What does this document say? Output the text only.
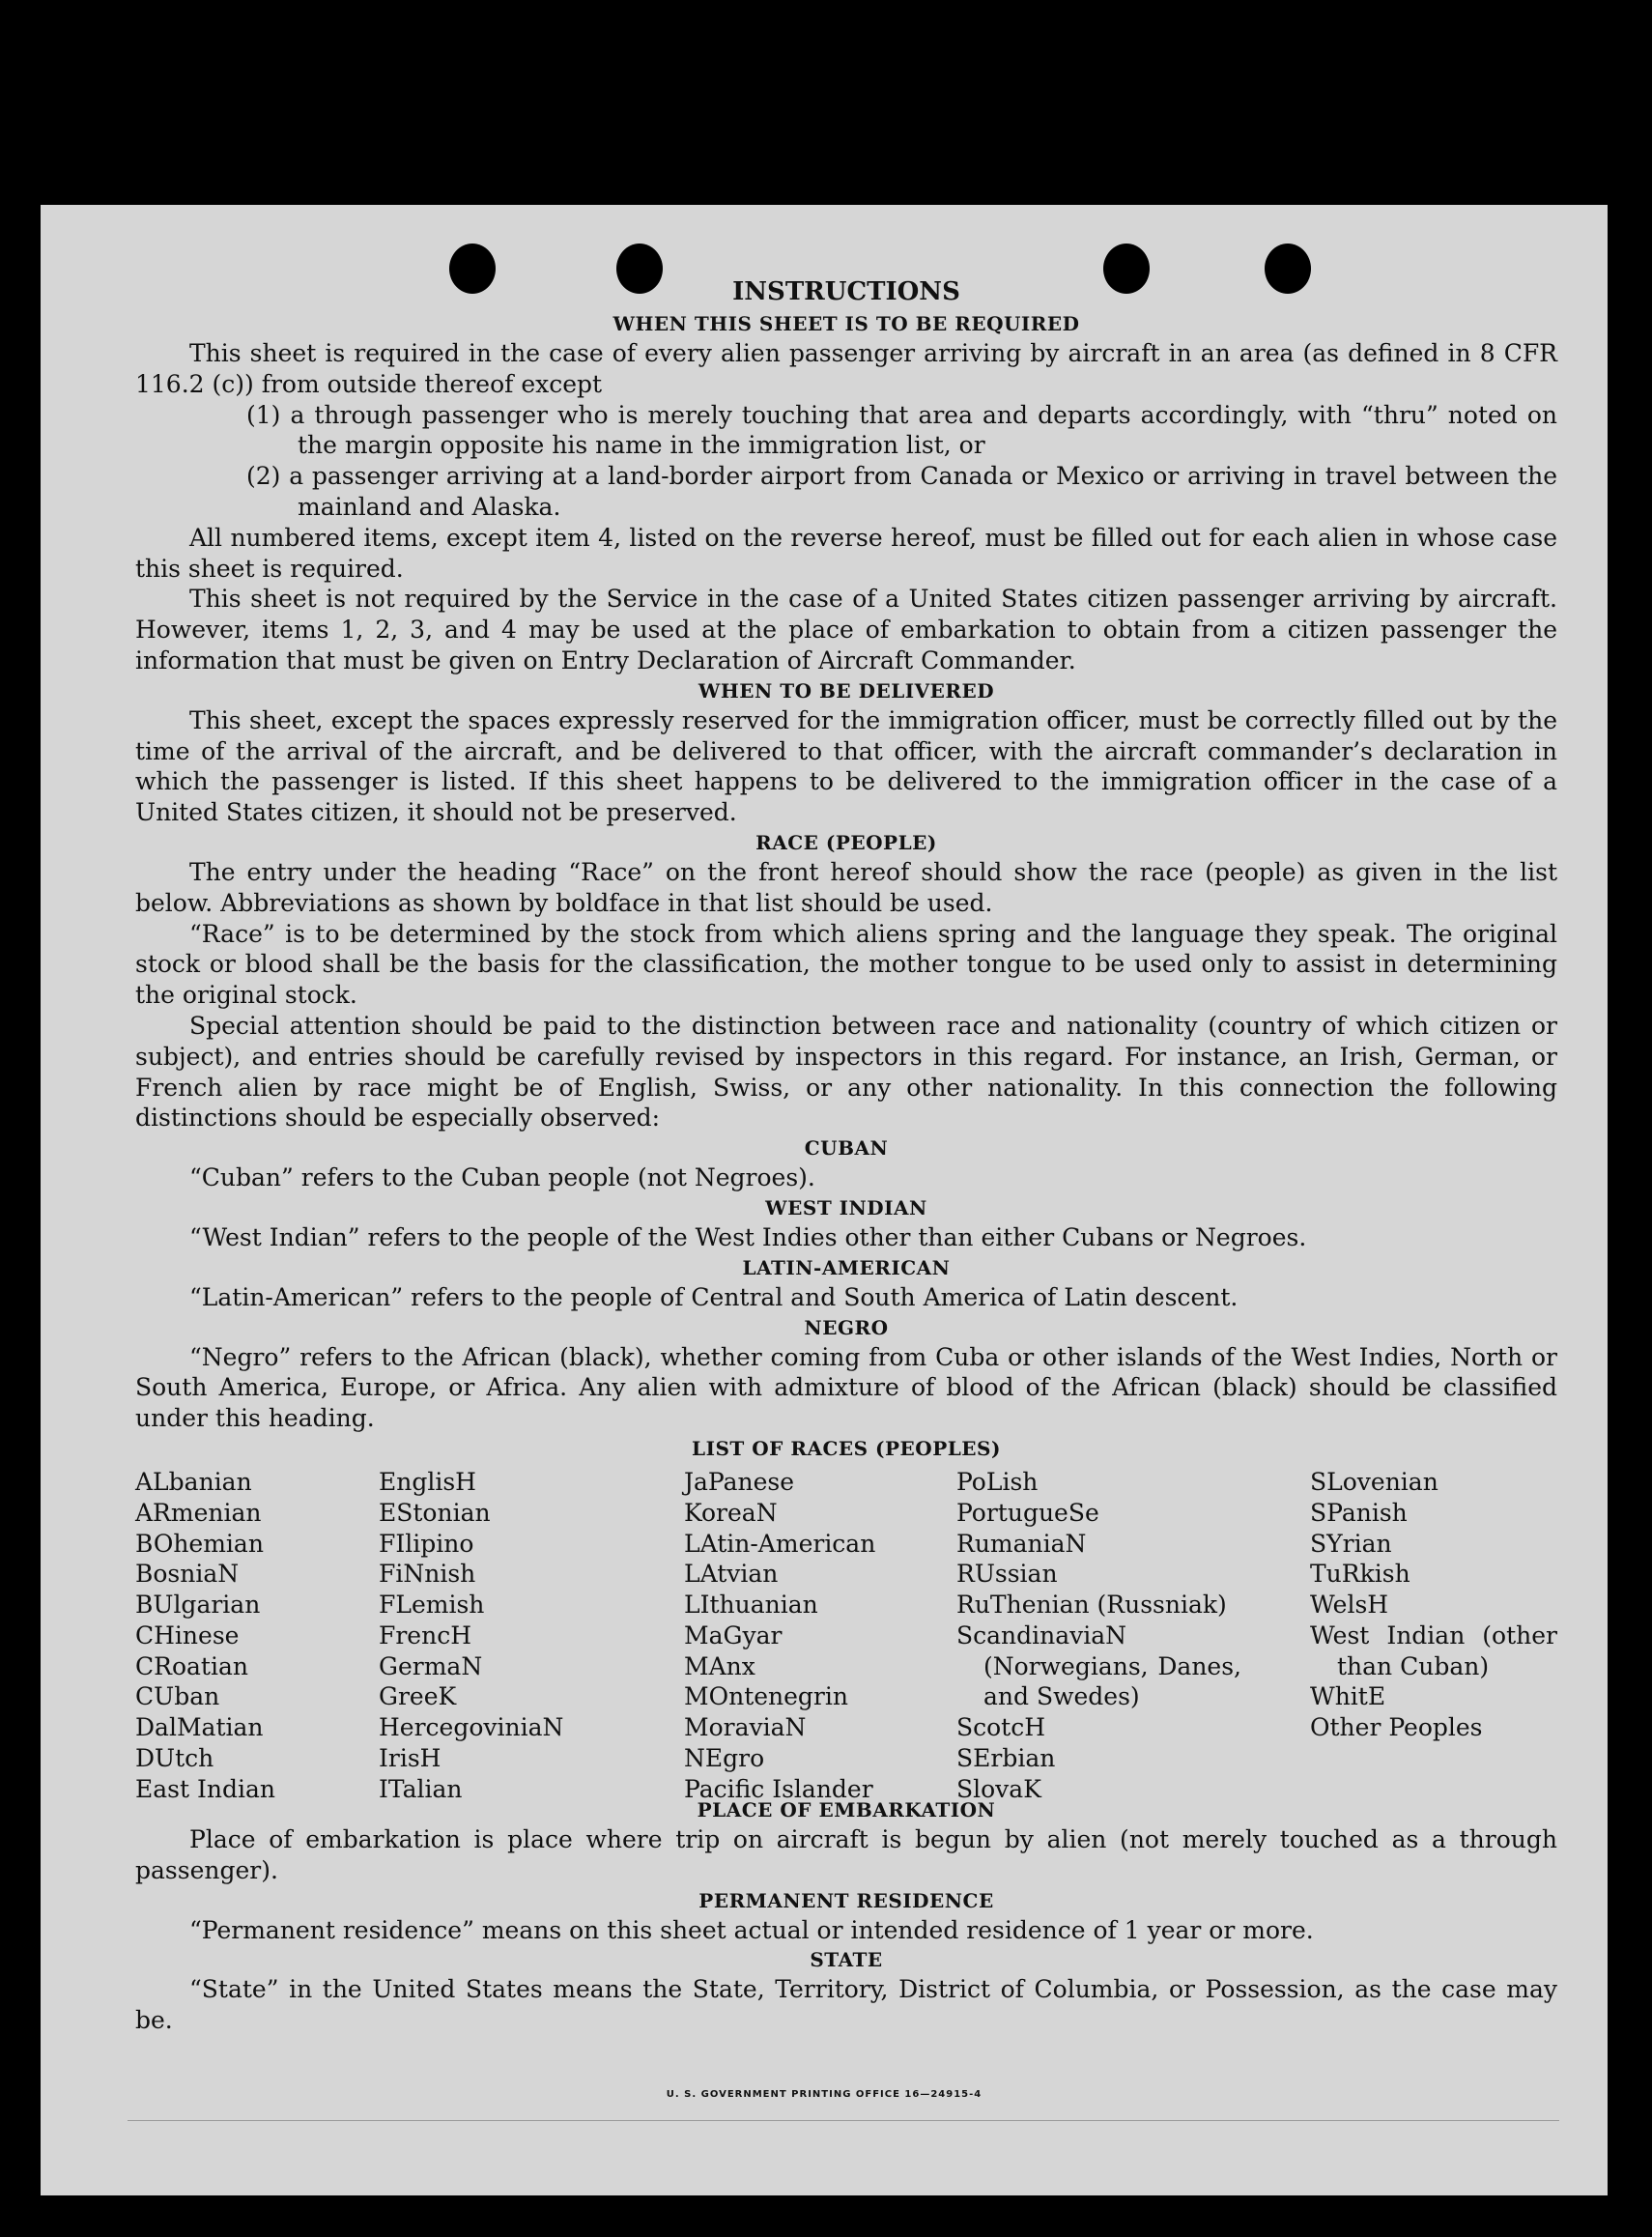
INSTRUCTIONS
WHEN THIS SHEET IS TO BE REQUIRED
This sheet is required in the case of every alien passenger arriving by aircraft in an area (as defined in 8 CFR 116.2 (c)) from outside thereof except
(1) a through passenger who is merely touching that area and departs accordingly, with “thru” noted on the margin opposite his name in the immigration list, or
(2) a passenger arriving at a land-border airport from Canada or Mexico or arriving in travel between the mainland and Alaska.
All numbered items, except item 4, listed on the reverse hereof, must be filled out for each alien in whose case this sheet is required.
This sheet is not required by the Service in the case of a United States citizen passenger arriving by aircraft. However, items 1, 2, 3, and 4 may be used at the place of embarkation to obtain from a citizen passenger the information that must be given on Entry Declaration of Aircraft Commander.
WHEN TO BE DELIVERED
This sheet, except the spaces expressly reserved for the immigration officer, must be correctly filled out by the time of the arrival of the aircraft, and be delivered to that officer, with the aircraft commander’s declaration in which the passenger is listed. If this sheet happens to be delivered to the immigration officer in the case of a United States citizen, it should not be preserved.
RACE (PEOPLE)
The entry under the heading “Race” on the front hereof should show the race (people) as given in the list below. Abbreviations as shown by boldface in that list should be used.
“Race” is to be determined by the stock from which aliens spring and the language they speak. The original stock or blood shall be the basis for the classification, the mother tongue to be used only to assist in determining the original stock.
Special attention should be paid to the distinction between race and nationality (country of which citizen or subject), and entries should be carefully revised by inspectors in this regard. For instance, an Irish, German, or French alien by race might be of English, Swiss, or any other nationality. In this connection the following distinctions should be especially observed:
CUBAN
“Cuban” refers to the Cuban people (not Negroes).
WEST INDIAN
“West Indian” refers to the people of the West Indies other than either Cubans or Negroes.
LATIN-AMERICAN
“Latin-American” refers to the people of Central and South America of Latin descent.
NEGRO
“Negro” refers to the African (black), whether coming from Cuba or other islands of the West Indies, North or South America, Europe, or Africa. Any alien with admixture of blood of the African (black) should be classified under this heading.
LIST OF RACES (PEOPLES)
ALbanian
ARmenian
BOhemian
BosniaN
BUlgarian
CHinese
CRoatian
CUban
DalMatian
DUtch
East Indian
EnglisH
EStonian
FIlipino
FiNnish
FLemish
FrencH
GermaN
GreeK
HercegoviniaN
IrisH
ITalian
JaPanese
KoreaN
LAtin-American
LAtvian
LIthuanian
MaGyar
MAnx
MOntenegrin
MoraviaN
NEgro
Pacific Islander
PoLish
PortugueSe
RumaniaN
RUssian
RuThenian (Russniak)
ScandinaviaN (Norwegians, Danes, and Swedes)
ScotcH
SErbian
SlovaK
SLovenian
SPanish
SYrian
TuRkish
WelsH
West Indian (other than Cuban)
WhitE
Other Peoples
PLACE OF EMBARKATION
Place of embarkation is place where trip on aircraft is begun by alien (not merely touched as a through passenger).
PERMANENT RESIDENCE
“Permanent residence” means on this sheet actual or intended residence of 1 year or more.
STATE
“State” in the United States means the State, Territory, District of Columbia, or Possession, as the case may be.
U. S. GOVERNMENT PRINTING OFFICE 16—24915-4
